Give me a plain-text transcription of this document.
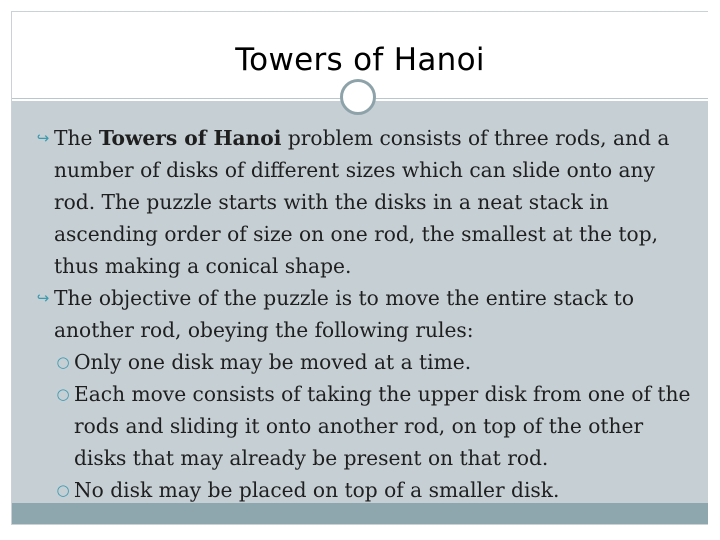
Towers of Hanoi

↪ The Towers of Hanoi problem consists of three rods, and a number of disks of different sizes which can slide onto any rod. The puzzle starts with the disks in a neat stack in ascending order of size on one rod, the smallest at the top, thus making a conical shape.

↪ The objective of the puzzle is to move the entire stack to another rod, obeying the following rules:

○ Only one disk may be moved at a time.

○ Each move consists of taking the upper disk from one of the rods and sliding it onto another rod, on top of the other disks that may already be present on that rod.

○ No disk may be placed on top of a smaller disk.
